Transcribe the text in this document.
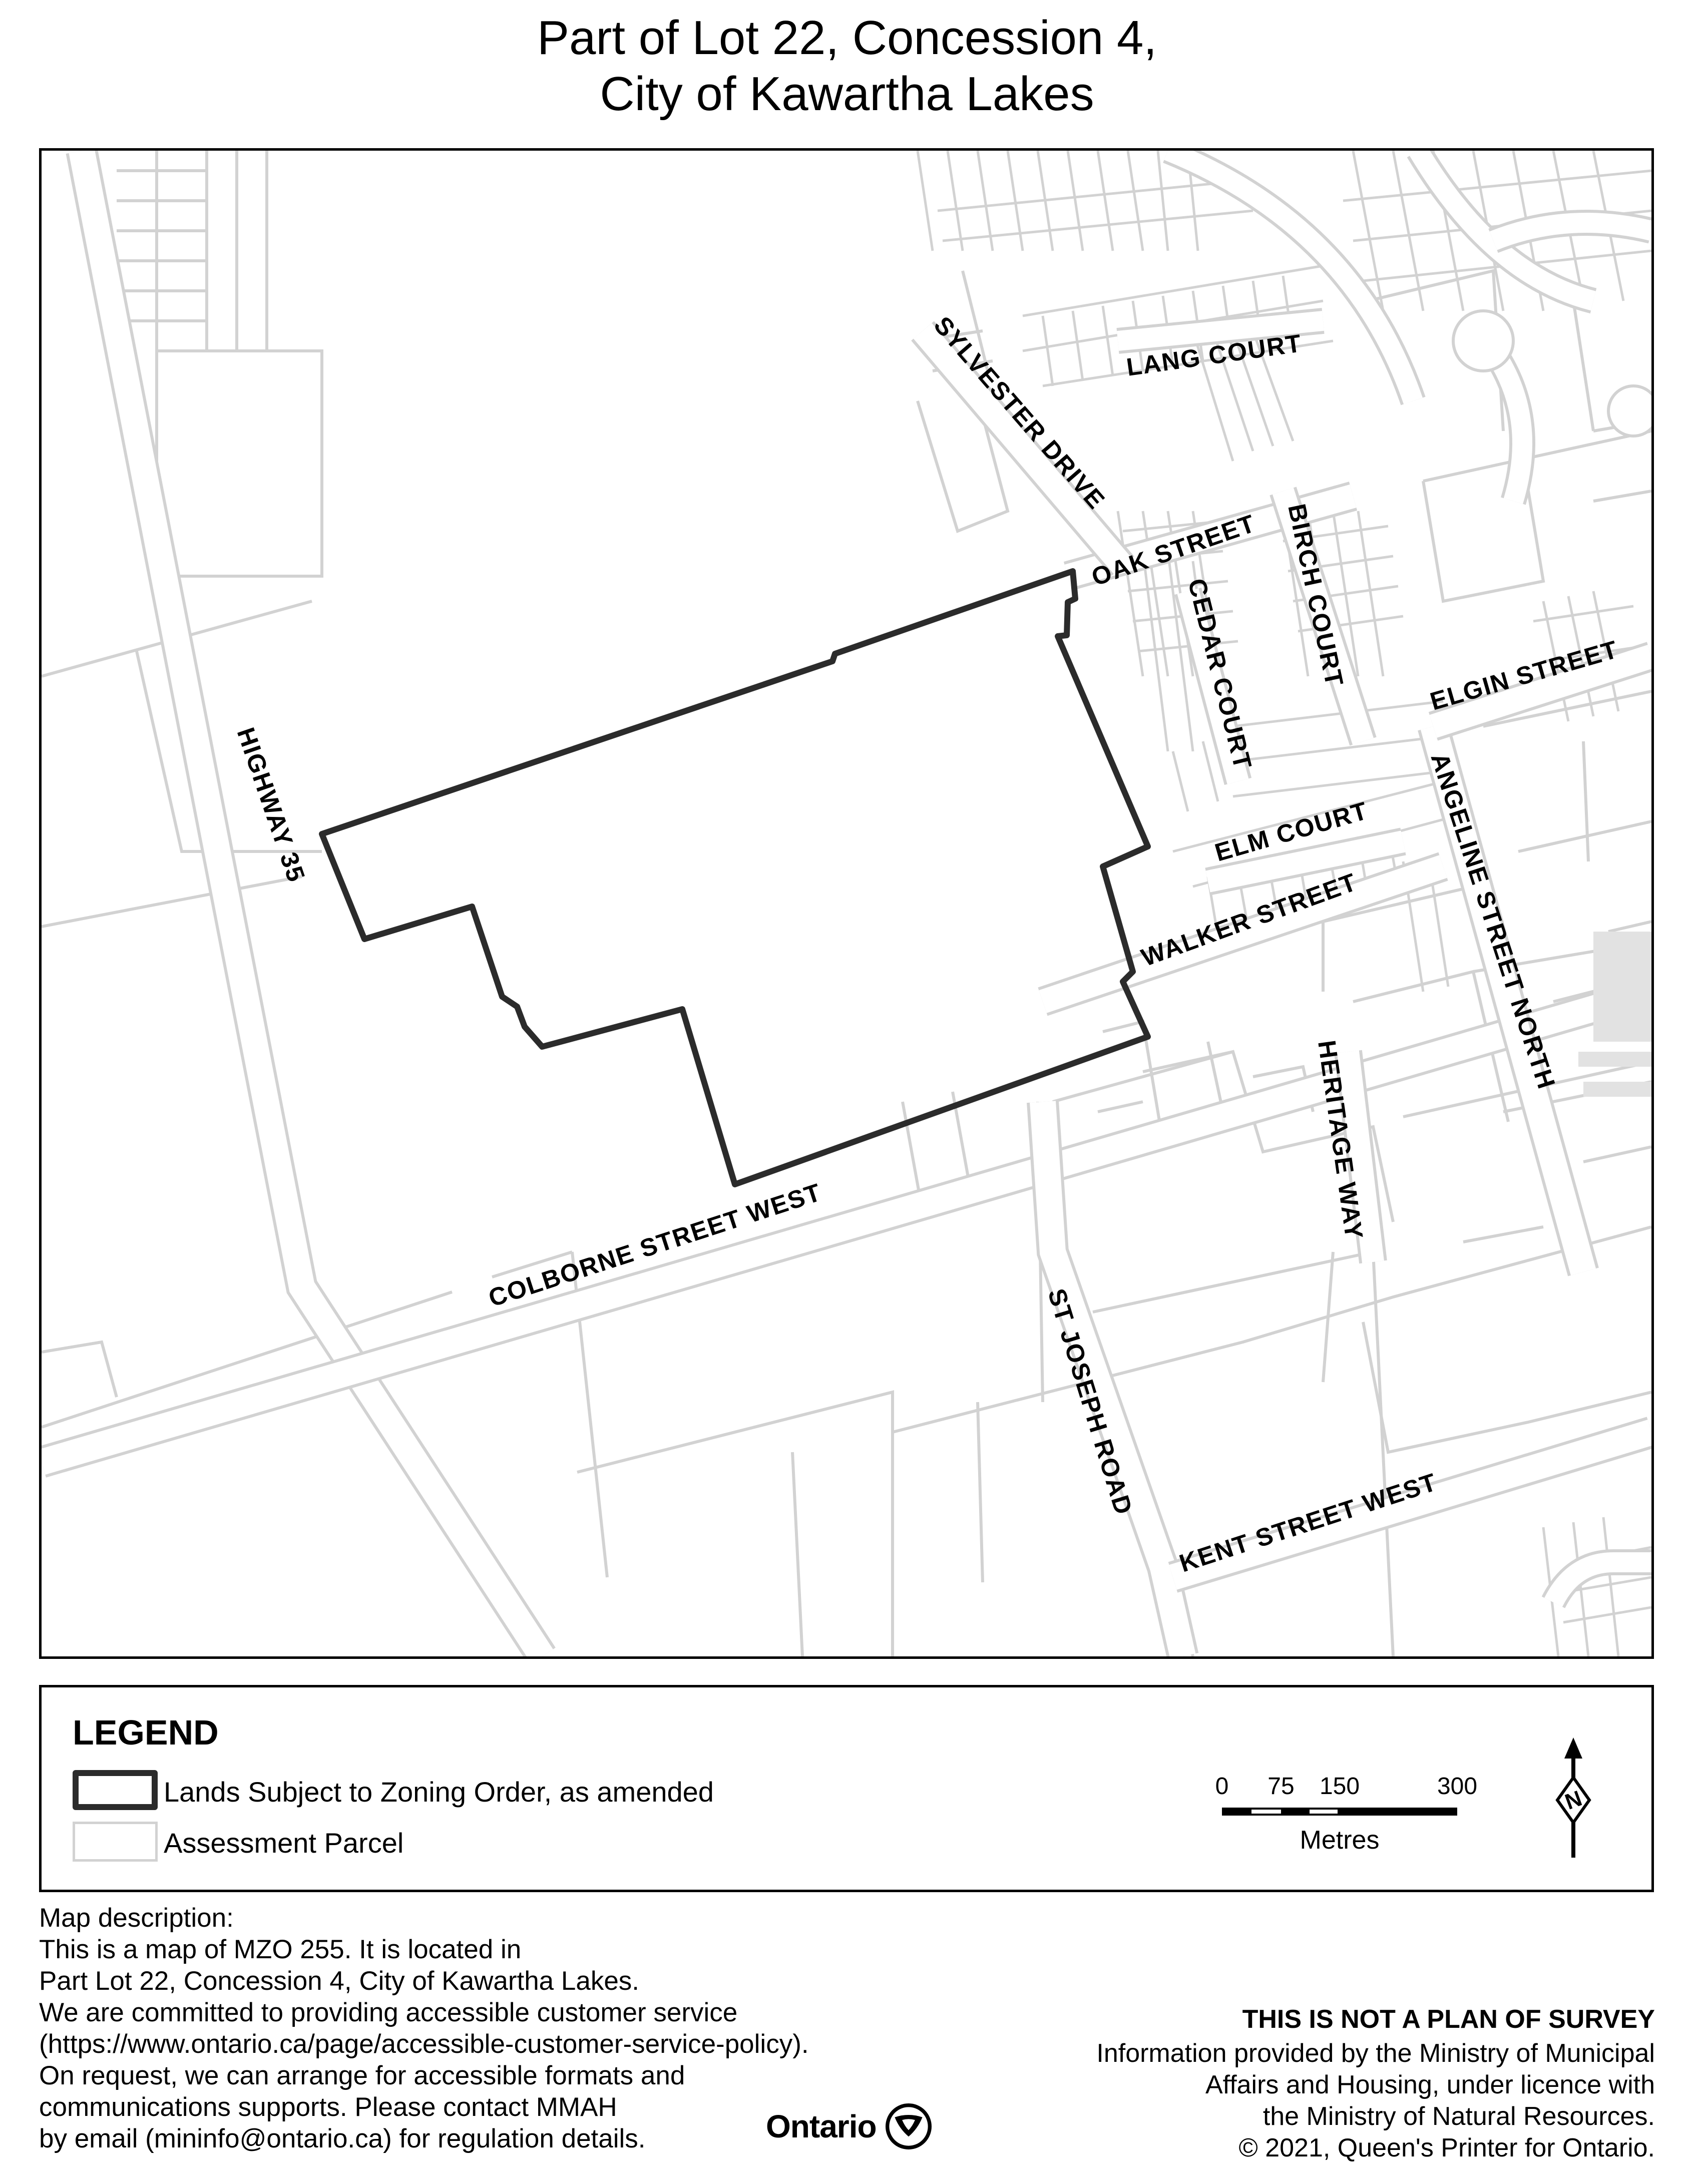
Part of Lot 22, Concession 4,
City of Kawartha Lakes
HIGHWAY 35
SYLVESTER DRIVE LANG COURT
OAK STREET BIRCH COURT
CEDAR COURT	ELGIN STREET
ELM COURT
WALKER STREET	ANGELINE STREET NORTH
HERITAGE WAY
COLBORNE STREET WEST
ST JOSEPH ROAD
KENT STREET WEST
LEGEND
Lands Subject to Zoning Order, as amended
Assessment Parcel
0 75 150	300
Metres
N
Map description:
This is a map of MZO 255. It is located in
Part Lot 22, Concession 4, City of Kawartha Lakes.
We are committed to providing accessible customer service
(https://www.ontario.ca/page/accessible-customer-service-policy).
On request, we can arrange for accessible formats and
communications supports. Please contact MMAH
by email (mininfo@ontario.ca) for regulation details.	Ontario
THIS IS NOT A PLAN OF SURVEY
Information provided by the Ministry of Municipal
Affairs and Housing, under licence with
the Ministry of Natural Resources.
© 2021, Queen's Printer for Ontario.
